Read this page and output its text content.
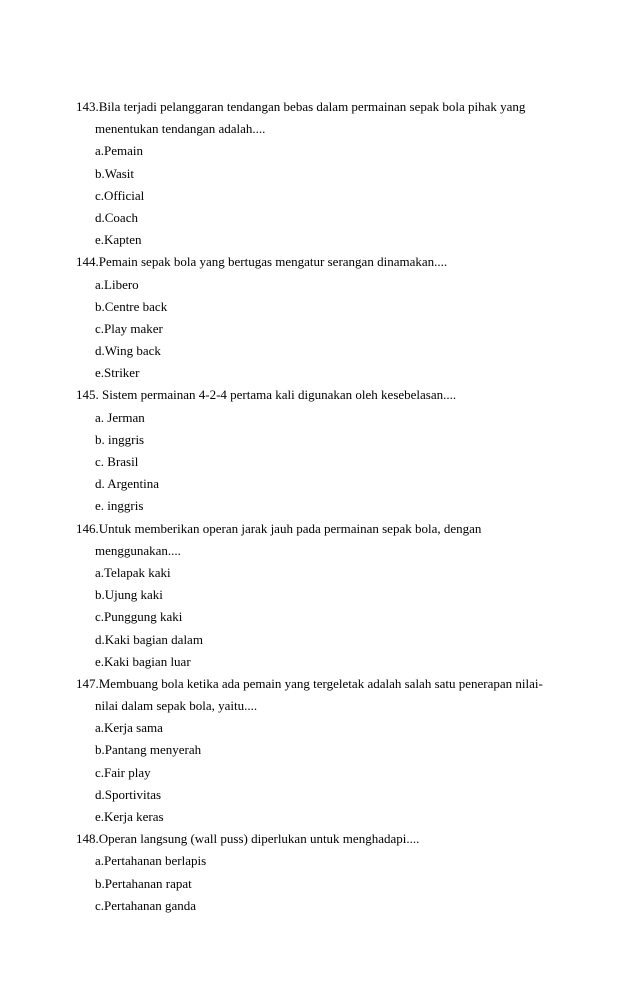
143.Bila terjadi pelanggaran tendangan bebas dalam permainan sepak bola pihak yang
menentukan tendangan adalah....
a.Pemain
b.Wasit
c.Official
d.Coach
e.Kapten
144.Pemain sepak bola yang bertugas mengatur serangan dinamakan....
a.Libero
b.Centre back
c.Play maker
d.Wing back
e.Striker
145. Sistem permainan 4-2-4 pertama kali digunakan oleh kesebelasan....
a. Jerman
b. inggris
c. Brasil
d. Argentina
e. inggris
146.Untuk memberikan operan jarak jauh pada permainan sepak bola, dengan
menggunakan....
a.Telapak kaki
b.Ujung kaki
c.Punggung kaki
d.Kaki bagian dalam
e.Kaki bagian luar
147.Membuang bola ketika ada pemain yang tergeletak adalah salah satu penerapan nilai-
nilai dalam sepak bola, yaitu....
a.Kerja sama
b.Pantang menyerah
c.Fair play
d.Sportivitas
e.Kerja keras
148.Operan langsung (wall puss) diperlukan untuk menghadapi....
a.Pertahanan berlapis
b.Pertahanan rapat
c.Pertahanan ganda
